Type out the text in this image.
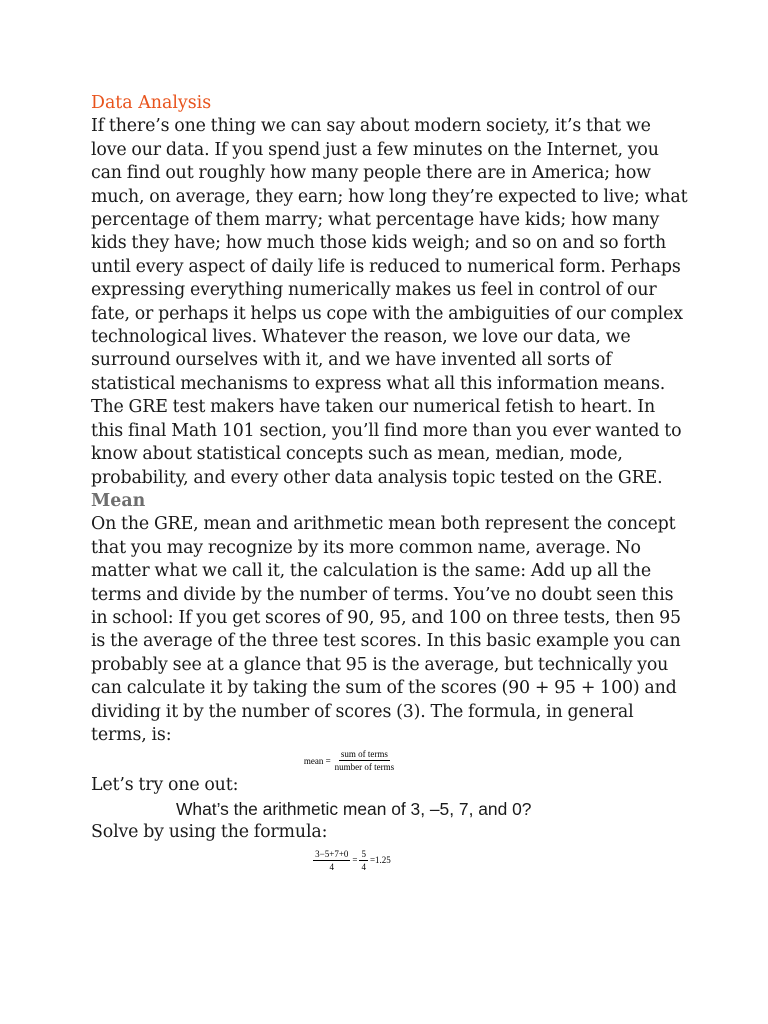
Data Analysis

If there’s one thing we can say about modern society, it’s that we love our data. If you spend just a few minutes on the Internet, you can find out roughly how many people there are in America; how much, on average, they earn; how long they’re expected to live; what percentage of them marry; what percentage have kids; how many kids they have; how much those kids weigh; and so on and so forth until every aspect of daily life is reduced to numerical form. Perhaps expressing everything numerically makes us feel in control of our fate, or perhaps it helps us cope with the ambiguities of our complex technological lives. Whatever the reason, we love our data, we surround ourselves with it, and we have invented all sorts of statistical mechanisms to express what all this information means.

The GRE test makers have taken our numerical fetish to heart. In this final Math 101 section, you’ll find more than you ever wanted to know about statistical concepts such as mean, median, mode, probability, and every other data analysis topic tested on the GRE.

Mean

On the GRE, mean and arithmetic mean both represent the concept that you may recognize by its more common name, average. No matter what we call it, the calculation is the same: Add up all the terms and divide by the number of terms. You’ve no doubt seen this in school: If you get scores of 90, 95, and 100 on three tests, then 95 is the average of the three test scores. In this basic example you can probably see at a glance that 95 is the average, but technically you can calculate it by taking the sum of the scores (90 + 95 + 100) and dividing it by the number of scores (3). The formula, in general terms, is:

mean = $\frac{\text{sum of terms}}{\text{number of terms}}$

Let’s try one out:

What’s the arithmetic mean of 3, –5, 7, and 0?

Solve by using the formula:

$\frac{3-5+7+0}{4} = \frac{5}{4} =1.25$
